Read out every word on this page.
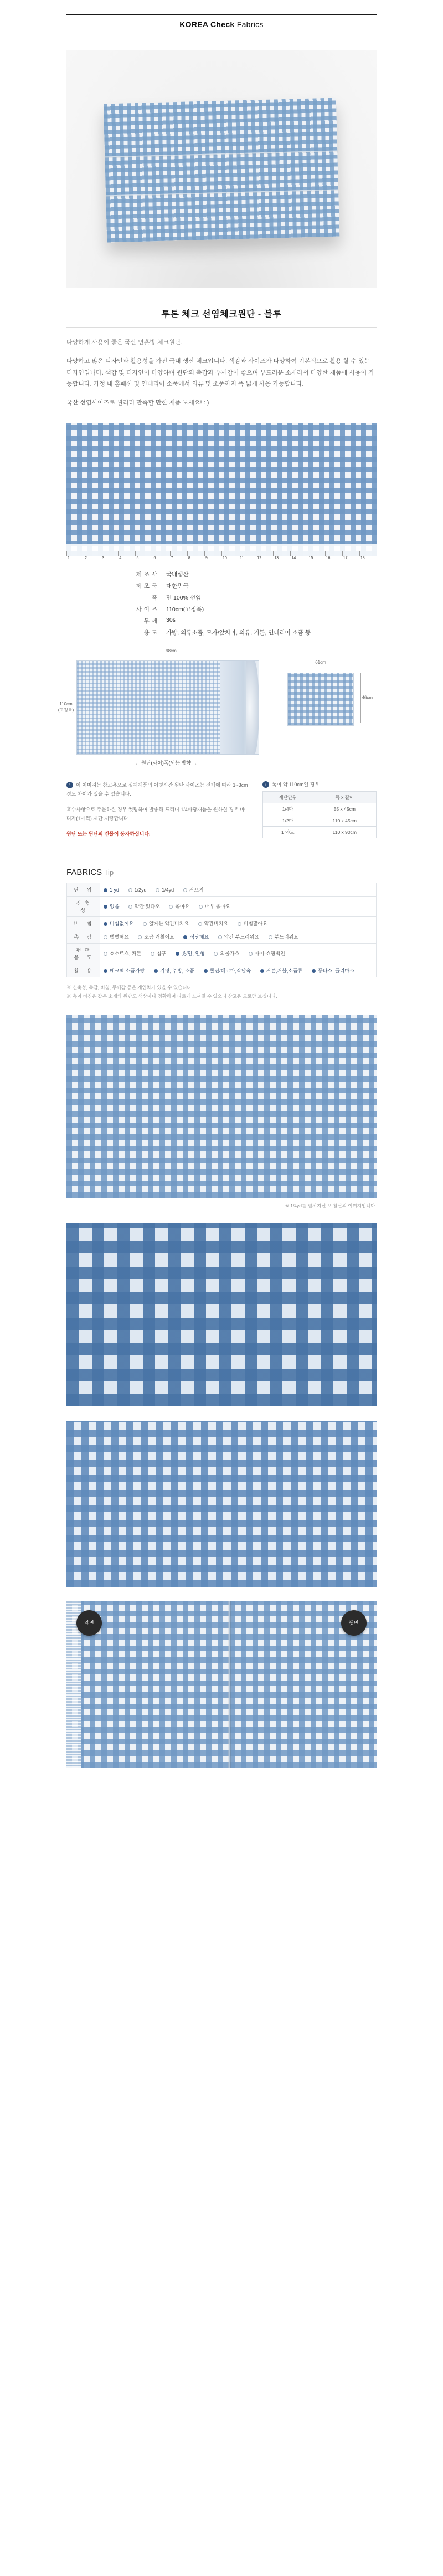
KOREA Check Fabrics
투톤 체크 선염체크원단 - 블루

다양하게 사용이 좋은 국산 면혼방 체크원단.

다양하고 많은 디자인과 활용성을 가진 국내 생산 체크입니다. 색감과 사이즈가 다양하여 기본적으로 활용 할 수 있는 디자인입니다. 색감 및 디자인이 다양하며 원단의 촉감과 두께감이 좋으며 부드러운 소재라서 다양한 제품에 사용이 가능합니다. 가정 내 홈패션 및 인테리어 소품에서 의류 및 소품까지 폭 넓게 사용 가능합니다.

국산 선염사이즈로 퀄리티 만족할 만한 제품 보세요! : )

1	2	3	4	5	6	7	8	9	10	11	12	13	14	15	16	17	18
제조사	국내생산
제조국	대한민국
폭	면 100% 선염
사이즈	110cm(고정폭)
두께	30s
용도	가방, 의류소품, 모자/앞치마, 의류, 커튼, 인테리어 소품 등
98cm
110cm (고정폭)
← 원단(사이)폭(되는 방향 →
61cm
46cm

! 이 이미지는 참고용으로 실제제품의 이렇시간 원단 사이즈는 전체에 따라 1~3cm 정도 차이가 있을 수 있습니다.

혹수사항으로 주문하실 경우 컷팅하여 발송해 드리며 1/4마당재품을 원하실 경우 마디자(1마씩) 재단 재량합니다.

원단 또는 원단의 컨물이 동자하실니다.

i 폭이 약 110cm일 경우
재단단위	폭 x 길이
1/4마	55 x 45cm
1/2마	110 x 45cm
1 야드	110 x 90cm
FABRICS Tip
단 위	1 yd 1/2yd 1/4yd 커프지
신축성	없음 약간 있다오 좋아요 매우 좋아요
비 침	비침없어요 얇게는 약간비치요 약간비치요 비침많아요
촉 감	뻣뻣해요 조금 거칠어요 적당해요 약간 부드러워요 부드러워요
펀단용 도	쇼소르스, 커튼 침구 옷/인, 인형 의물가스 아이-쇼핑백인
활 용	배크백,소품가방 키링, 주방, 소품 쿨진/데코마,작달속 커튼,커불,소품류 등타스, 플리마스
※ 신축성, 촉감, 비침, 두께감 등은 개인차가 있을 수 있습니다.
※ 촉이 비침은 같은 소재와 원단도 색상마다 정확하며 다르게 느껴질 수 있으니 참고용 으로만 보십니다.
※ 1/4yd를 펼쳐지신 보 활살의 이미지입니다.
앞면	뒷면
